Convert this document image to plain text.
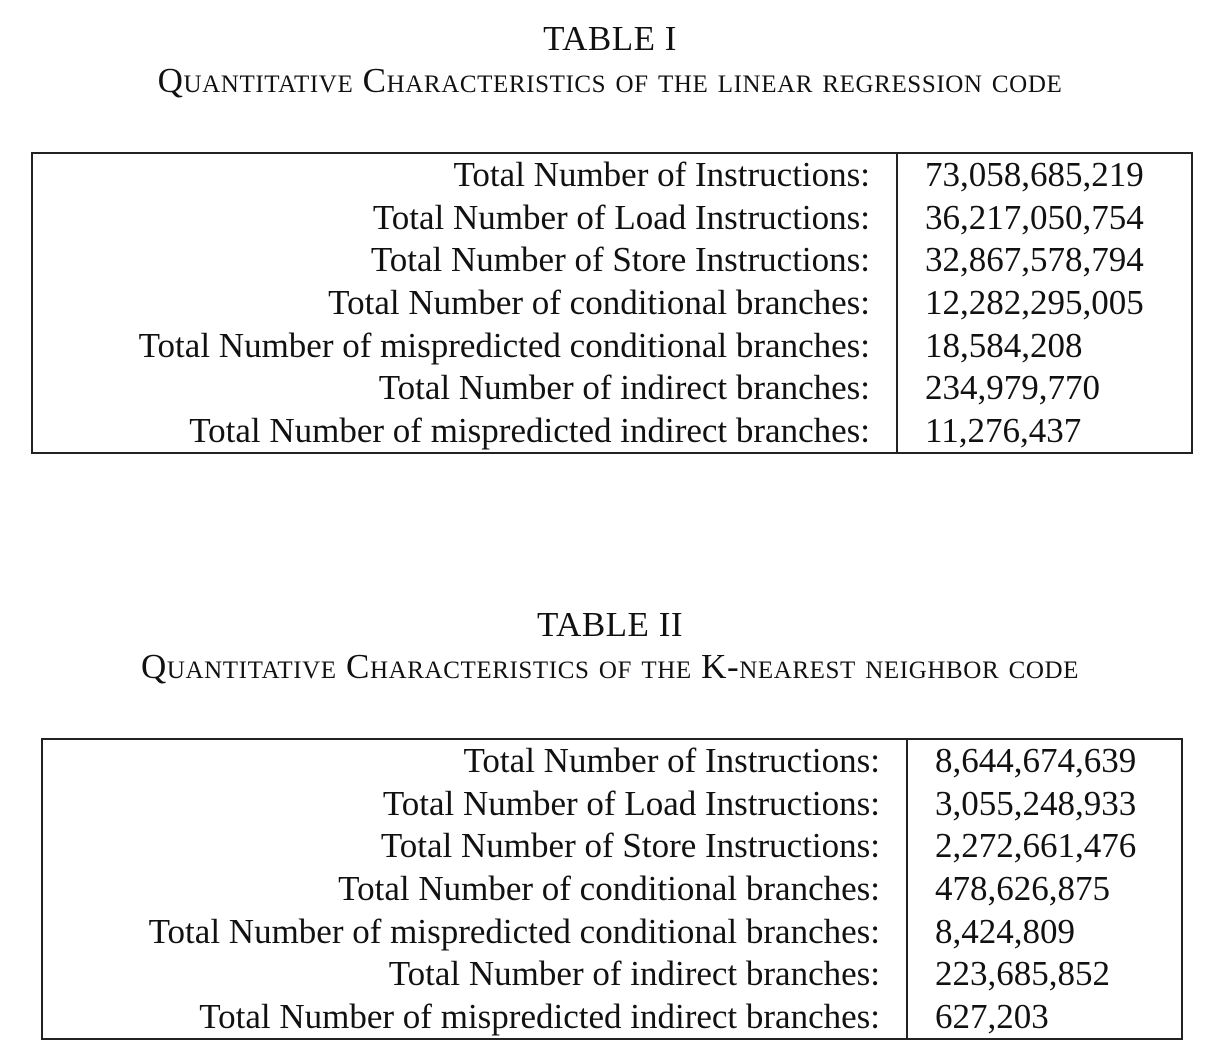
TABLE I
Quantitative Characteristics of the linear regression code
Total Number of Instructions:	73,058,685,219
Total Number of Load Instructions:	36,217,050,754
Total Number of Store Instructions:	32,867,578,794
Total Number of conditional branches:	12,282,295,005
Total Number of mispredicted conditional branches:	18,584,208
Total Number of indirect branches:	234,979,770
Total Number of mispredicted indirect branches:	11,276,437
TABLE II
Quantitative Characteristics of the K-nearest neighbor code
Total Number of Instructions:	8,644,674,639
Total Number of Load Instructions:	3,055,248,933
Total Number of Store Instructions:	2,272,661,476
Total Number of conditional branches:	478,626,875
Total Number of mispredicted conditional branches:	8,424,809
Total Number of indirect branches:	223,685,852
Total Number of mispredicted indirect branches:	627,203
